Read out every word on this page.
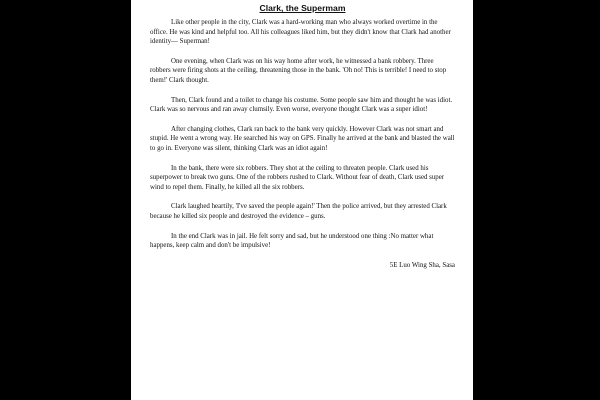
Clark, the Supermam

Like other people in the city, Clark was a hard-working man who always worked overtime in the office. He was kind and helpful too. All his colleagues liked him, but they didn't know that Clark had another identity— Superman!

One evening, when Clark was on his way home after work, he witnessed a bank robbery. Three robbers were firing shots at the ceiling, threatening those in the bank. 'Oh no! This is terrible! I need to stop them!' Clark thought.

Then, Clark found and a toilet to change his costume. Some people saw him and thought he was idiot. Clark was so nervous and ran away clumsily. Even worse, everyone thought Clark was a super idiot!

After changing clothes, Clark ran back to the bank very quickly. However Clark was not smart and stupid. He went a wrong way. He searched his way on GPS. Finally he arrived at the bank and blasted the wall to go in. Everyone was silent, thinking Clark was an idiot again!

In the bank, there were six robbers. They shot at the ceiling to threaten people. Clark used his superpower to break two guns. One of the robbers rushed to Clark. Without fear of death, Clark used super wind to repel them. Finally, he killed all the six robbers.

Clark laughed heartily, 'I've saved the people again!' Then the police arrived, but they arrested Clark because he killed six people and destroyed the evidence – guns.

In the end Clark was in jail. He felt sorry and sad, but he understood one thing :No matter what happens, keep calm and don't be impulsive!

5E Luo Wing Sha, Sasa
